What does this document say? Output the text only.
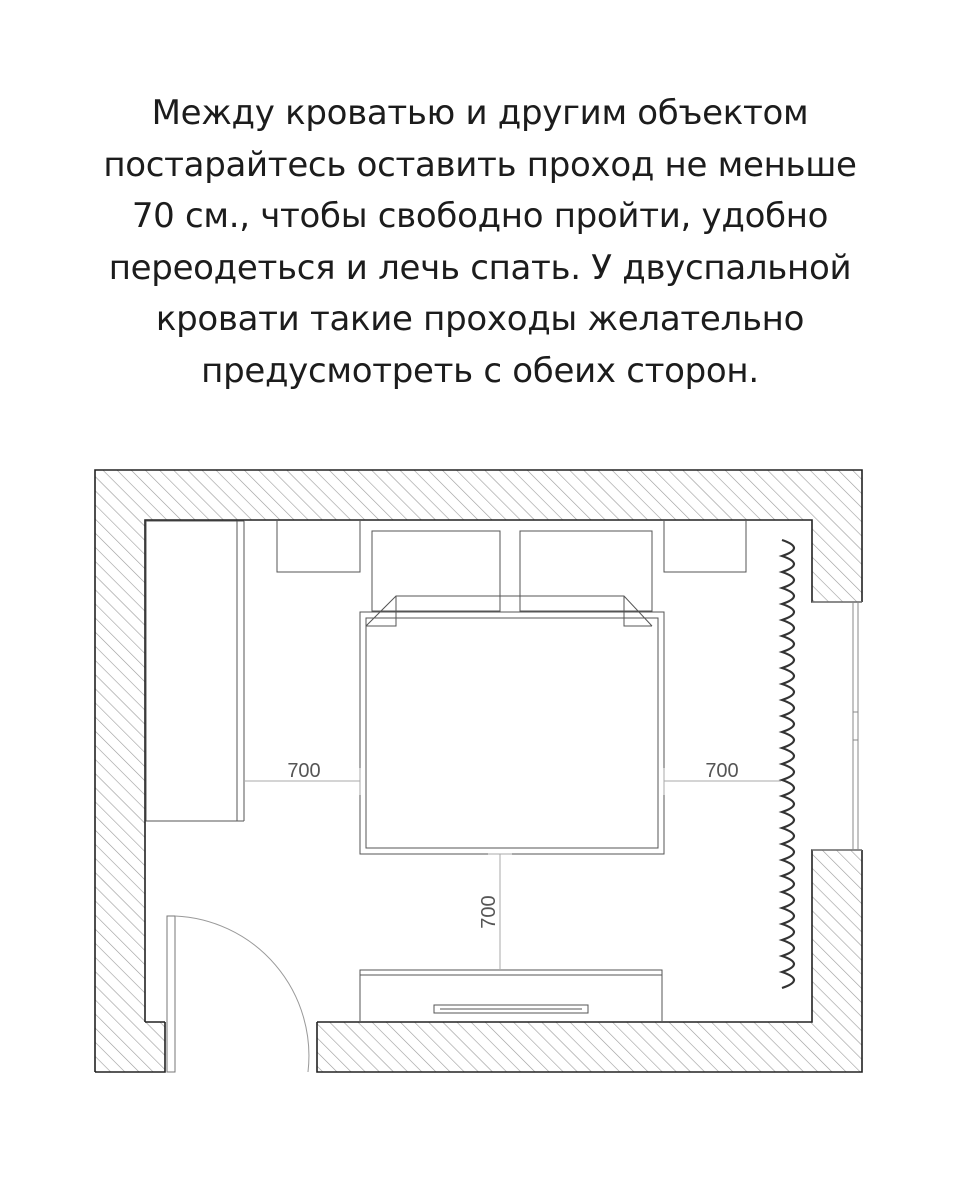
Между кроватью и другим объектом
постарайтесь оставить проход не меньше
70 см., чтобы свободно пройти, удобно
переодеться и лечь спать. У двуспальной
кровати такие проходы желательно
предусмотреть с обеих сторон.
700	700
700
